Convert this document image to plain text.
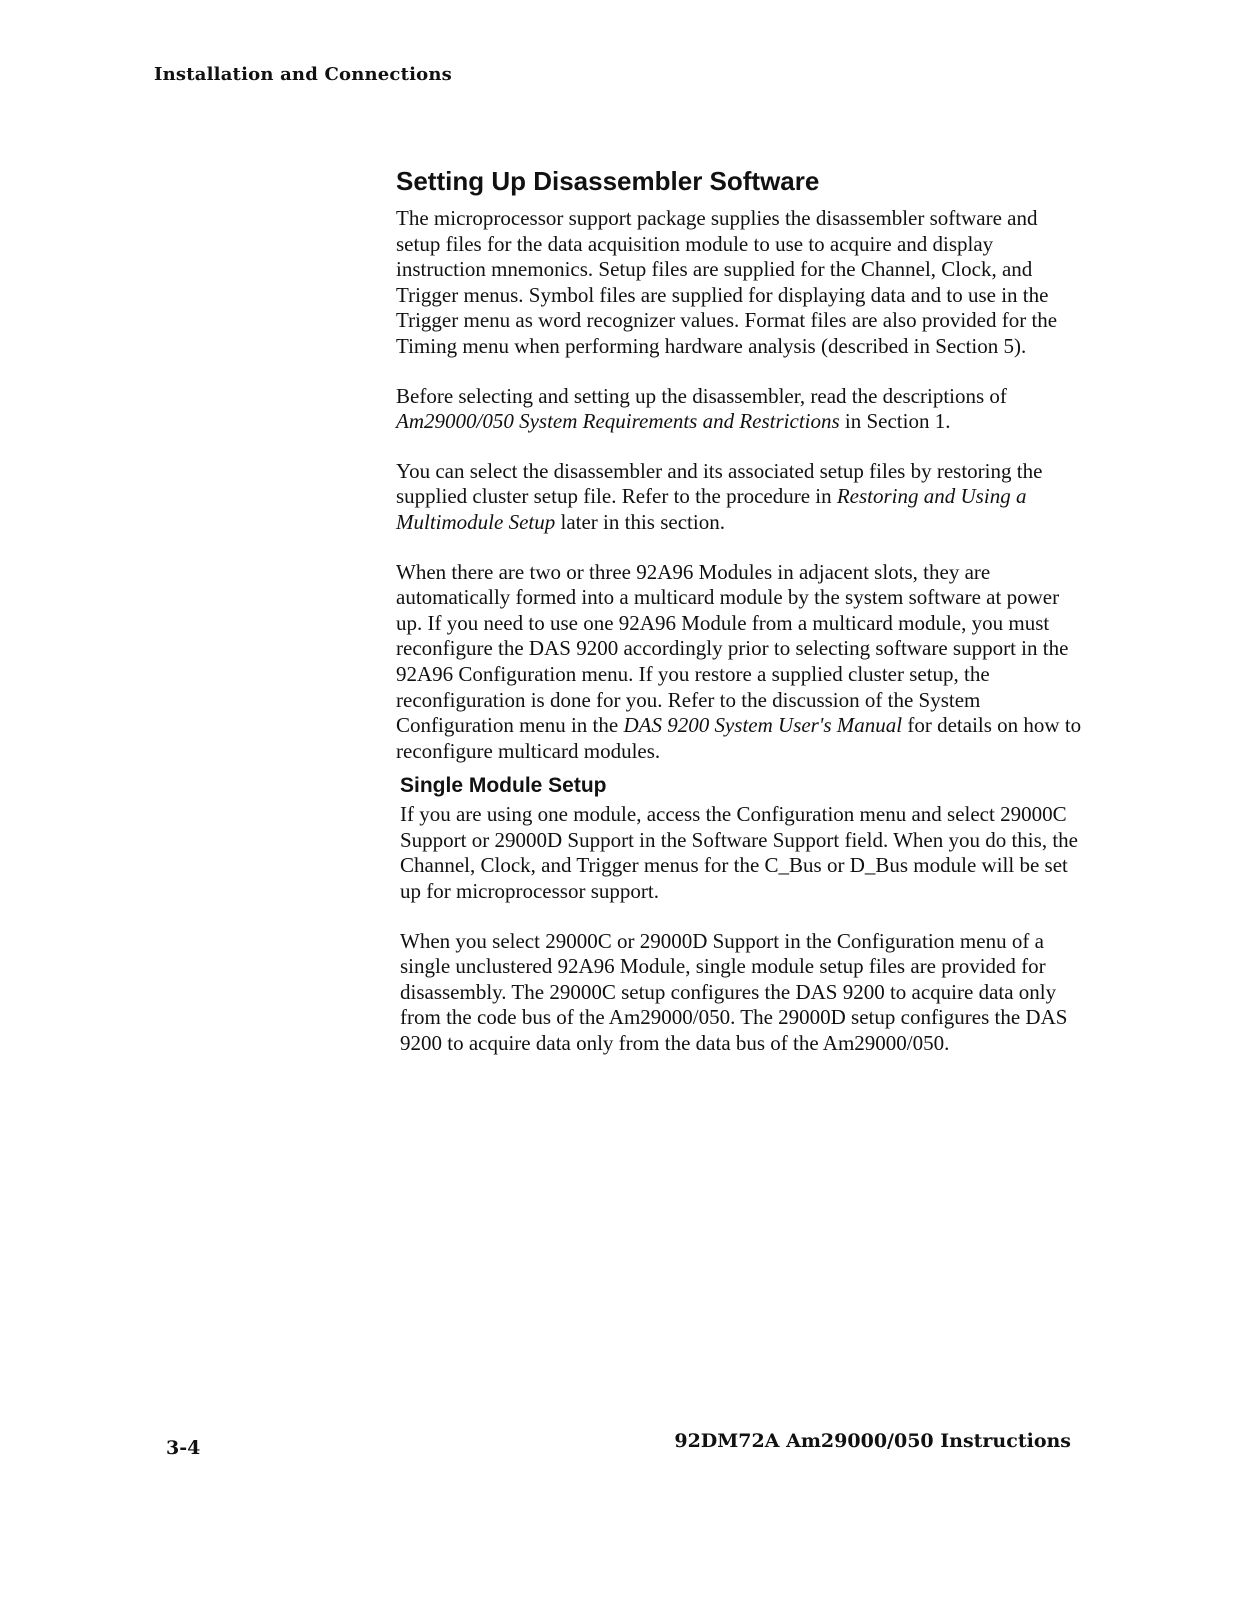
Installation and Connections
Setting Up Disassembler Software

The microprocessor support package supplies the disassembler software and setup files for the data acquisition module to use to acquire and display instruction mnemonics. Setup files are supplied for the Channel, Clock, and Trigger menus. Symbol files are supplied for displaying data and to use in the Trigger menu as word recognizer values. Format files are also provided for the Timing menu when performing hardware analysis (described in Section 5).

Before selecting and setting up the disassembler, read the descriptions of Am29000/050 System Requirements and Restrictions in Section 1.

You can select the disassembler and its associated setup files by restoring the supplied cluster setup file. Refer to the procedure in Restoring and Using a Multimodule Setup later in this section.

When there are two or three 92A96 Modules in adjacent slots, they are automatically formed into a multicard module by the system software at power up. If you need to use one 92A96 Module from a multicard module, you must reconfigure the DAS 9200 accordingly prior to selecting software support in the 92A96 Configuration menu. If you restore a supplied cluster setup, the reconfiguration is done for you. Refer to the discussion of the System Configuration menu in the DAS 9200 System User's Manual for details on how to reconfigure multicard modules.

Single Module Setup

If you are using one module, access the Configuration menu and select 29000C Support or 29000D Support in the Software Support field. When you do this, the Channel, Clock, and Trigger menus for the C_Bus or D_Bus module will be set up for microprocessor support.

When you select 29000C or 29000D Support in the Configuration menu of a single unclustered 92A96 Module, single module setup files are provided for disassembly. The 29000C setup configures the DAS 9200 to acquire data only from the code bus of the Am29000/050. The 29000D setup configures the DAS 9200 to acquire data only from the data bus of the Am29000/050.

3-4	92DM72A Am29000/050 Instructions
